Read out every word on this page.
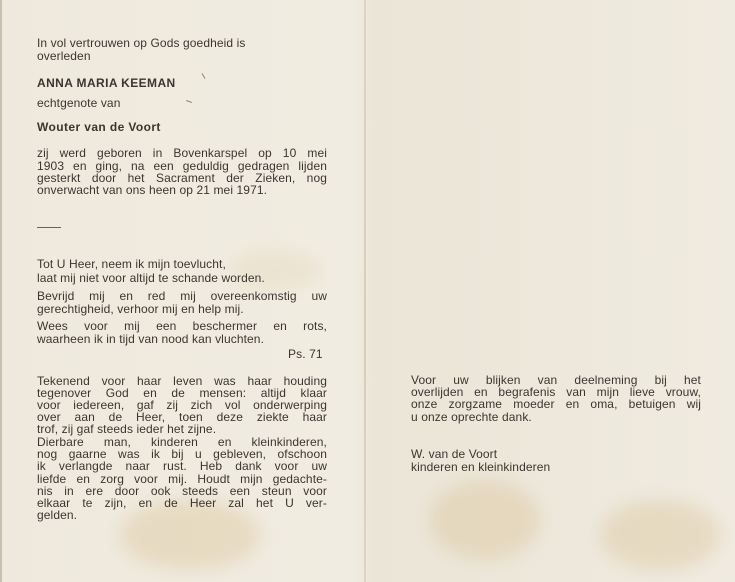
In vol vertrouwen op Gods goedheid is
overleden
ANNA MARIA KEEMAN
echtgenote van
Wouter van de Voort
zij werd geboren in Bovenkarspel op 10 mei
1903 en ging, na een geduldig gedragen lijden
gesterkt door het Sacrament der Zieken, nog
onverwacht van ons heen op 21 mei 1971.
Tot U Heer, neem ik mijn toevlucht,
laat mij niet voor altijd te schande worden.
Bevrijd mij en red mij overeenkomstig uw
gerechtigheid, verhoor mij en help mij.
Wees voor mij een beschermer en rots,
waarheen ik in tijd van nood kan vluchten.
Ps. 71
Tekenend voor haar leven was haar houding
tegenover God en de mensen: altijd klaar
voor iedereen, gaf zij zich vol onderwerping
over aan de Heer, toen deze ziekte haar
trof, zij gaf steeds ieder het zijne.
Dierbare man, kinderen en kleinkinderen,
nog gaarne was ik bij u gebleven, ofschoon
ik verlangde naar rust. Heb dank voor uw
liefde en zorg voor mij. Houdt mijn gedachte-
nis in ere door ook steeds een steun voor
elkaar te zijn, en de Heer zal het U ver-
gelden.
Voor uw blijken van deelneming bij het
overlijden en begrafenis van mijn lieve vrouw,
onze zorgzame moeder en oma, betuigen wij
u onze oprechte dank.
W. van de Voort
kinderen en kleinkinderen
